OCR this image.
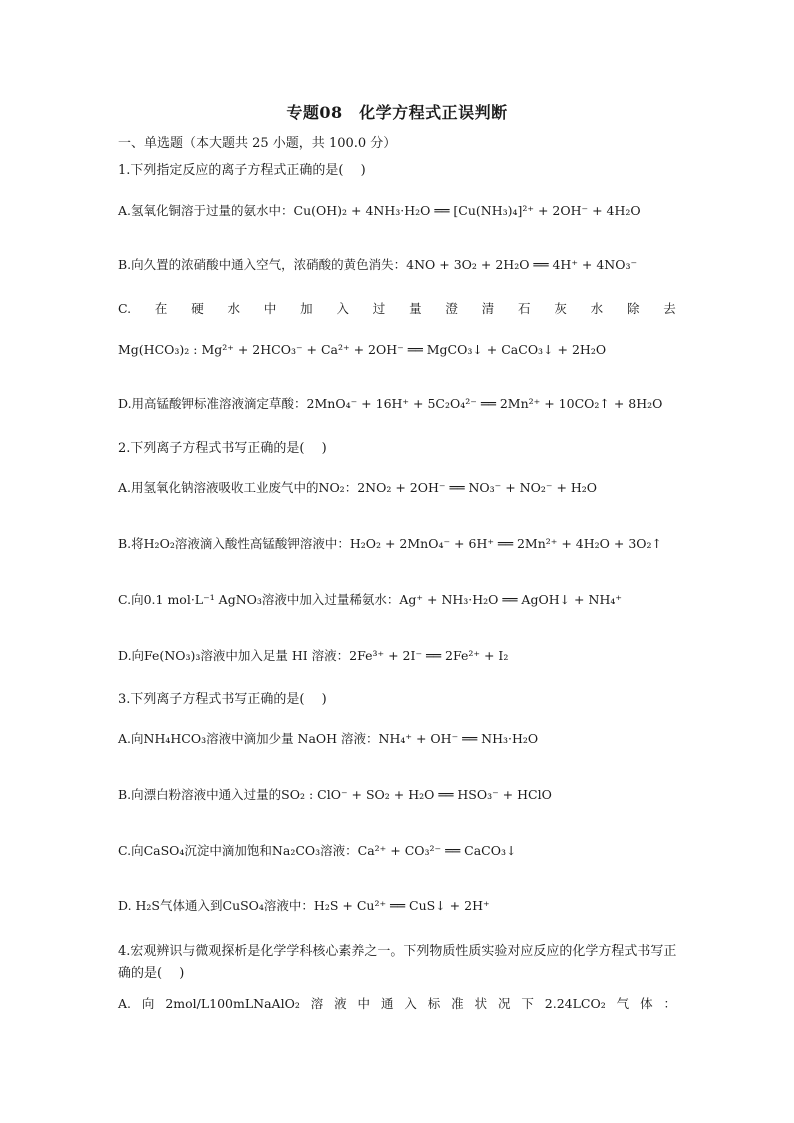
专题08　化学方程式正误判断
一、单选题（本大题共 25 小题，共 100.0 分）
1.下列指定反应的离子方程式正确的是(　 )
A.氢氧化铜溶于过量的氨水中：Cu(OH)₂ + 4NH₃·H₂O ══ [Cu(NH₃)₄]²⁺ + 2OH⁻ + 4H₂O
B.向久置的浓硝酸中通入空气，浓硝酸的黄色消失：4NO + 3O₂ + 2H₂O ══ 4H⁺ + 4NO₃⁻
C. 在 硬 水 中 加 入 过 量 澄 清 石 灰 水 除 去
Mg(HCO₃)₂ : Mg²⁺ + 2HCO₃⁻ + Ca²⁺ + 2OH⁻ ══ MgCO₃↓ + CaCO₃↓ + 2H₂O
D.用高锰酸钾标准溶液滴定草酸：2MnO₄⁻ + 16H⁺ + 5C₂O₄²⁻ ══ 2Mn²⁺ + 10CO₂↑ + 8H₂O
2.下列离子方程式书写正确的是(　 )
A.用氢氧化钠溶液吸收工业废气中的NO₂：2NO₂ + 2OH⁻ ══ NO₃⁻ + NO₂⁻ + H₂O
B.将H₂O₂溶液滴入酸性高锰酸钾溶液中：H₂O₂ + 2MnO₄⁻ + 6H⁺ ══ 2Mn²⁺ + 4H₂O + 3O₂↑
C.向0.1 mol·L⁻¹ AgNO₃溶液中加入过量稀氨水：Ag⁺ + NH₃·H₂O ══ AgOH↓ + NH₄⁺
D.向Fe(NO₃)₃溶液中加入足量 HI 溶液：2Fe³⁺ + 2I⁻ ══ 2Fe²⁺ + I₂
3.下列离子方程式书写正确的是(　 )
A.向NH₄HCO₃溶液中滴加少量 NaOH 溶液：NH₄⁺ + OH⁻ ══ NH₃·H₂O
B.向漂白粉溶液中通入过量的SO₂ : ClO⁻ + SO₂ + H₂O ══ HSO₃⁻ + HClO
C.向CaSO₄沉淀中滴加饱和Na₂CO₃溶液：Ca²⁺ + CO₃²⁻ ══ CaCO₃↓
D. H₂S气体通入到CuSO₄溶液中：H₂S + Cu²⁺ ══ CuS↓ + 2H⁺
4.宏观辨识与微观探析是化学学科核心素养之一。下列物质性质实验对应反应的化学方程式书写正确的是(　 )
A. 向 2mol/L100mLNaAlO₂ 溶 液 中 通 入 标 准 状 况 下 2.24LCO₂ 气 体 ：
